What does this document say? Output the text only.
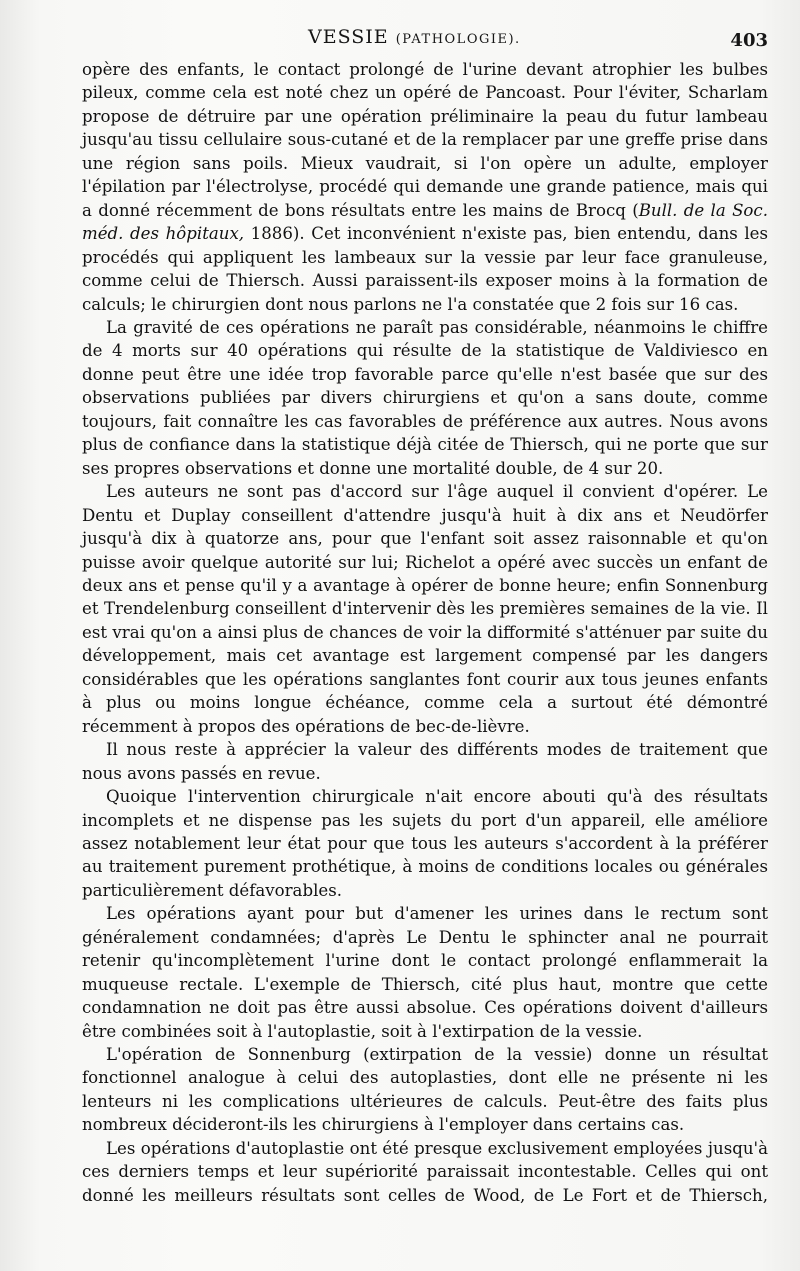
VESSIE (PATHOLOGIE).	403

opère des enfants, le contact prolongé de l'urine devant atrophier les bulbes pileux, comme cela est noté chez un opéré de Pancoast. Pour l'éviter, Scharlam propose de détruire par une opération préliminaire la peau du futur lambeau jusqu'au tissu cellulaire sous-cutané et de la remplacer par une greffe prise dans une région sans poils. Mieux vaudrait, si l'on opère un adulte, employer l'épilation par l'électrolyse, procédé qui demande une grande patience, mais qui a donné récemment de bons résultats entre les mains de Brocq (Bull. de la Soc. méd. des hôpitaux, 1886). Cet inconvénient n'existe pas, bien entendu, dans les procédés qui appliquent les lambeaux sur la vessie par leur face granuleuse, comme celui de Thiersch. Aussi paraissent-ils exposer moins à la formation de calculs; le chirurgien dont nous parlons ne l'a constatée que 2 fois sur 16 cas.

La gravité de ces opérations ne paraît pas considérable, néanmoins le chiffre de 4 morts sur 40 opérations qui résulte de la statistique de Valdiviesco en donne peut être une idée trop favorable parce qu'elle n'est basée que sur des observations publiées par divers chirurgiens et qu'on a sans doute, comme toujours, fait connaître les cas favorables de préférence aux autres. Nous avons plus de confiance dans la statistique déjà citée de Thiersch, qui ne porte que sur ses propres observations et donne une mortalité double, de 4 sur 20.

Les auteurs ne sont pas d'accord sur l'âge auquel il convient d'opérer. Le Dentu et Duplay conseillent d'attendre jusqu'à huit à dix ans et Neudörfer jusqu'à dix à quatorze ans, pour que l'enfant soit assez raisonnable et qu'on puisse avoir quelque autorité sur lui; Richelot a opéré avec succès un enfant de deux ans et pense qu'il y a avantage à opérer de bonne heure; enfin Sonnenburg et Trendelenburg conseillent d'intervenir dès les premières semaines de la vie. Il est vrai qu'on a ainsi plus de chances de voir la difformité s'atténuer par suite du développement, mais cet avantage est largement compensé par les dangers considérables que les opérations sanglantes font courir aux tous jeunes enfants à plus ou moins longue échéance, comme cela a surtout été démontré récemment à propos des opérations de bec-de-lièvre.

Il nous reste à apprécier la valeur des différents modes de traitement que nous avons passés en revue.

Quoique l'intervention chirurgicale n'ait encore abouti qu'à des résultats incomplets et ne dispense pas les sujets du port d'un appareil, elle améliore assez notablement leur état pour que tous les auteurs s'accordent à la préférer au traitement purement prothétique, à moins de conditions locales ou générales particulièrement défavorables.

Les opérations ayant pour but d'amener les urines dans le rectum sont généralement condamnées; d'après Le Dentu le sphincter anal ne pourrait retenir qu'incomplètement l'urine dont le contact prolongé enflammerait la muqueuse rectale. L'exemple de Thiersch, cité plus haut, montre que cette condamnation ne doit pas être aussi absolue. Ces opérations doivent d'ailleurs être combinées soit à l'autoplastie, soit à l'extirpation de la vessie.

L'opération de Sonnenburg (extirpation de la vessie) donne un résultat fonctionnel analogue à celui des autoplasties, dont elle ne présente ni les lenteurs ni les complications ultérieures de calculs. Peut-être des faits plus nombreux décideront-ils les chirurgiens à l'employer dans certains cas.

Les opérations d'autoplastie ont été presque exclusivement employées jusqu'à ces derniers temps et leur supériorité paraissait incontestable. Celles qui ont donné les meilleurs résultats sont celles de Wood, de Le Fort et de Thiersch,
